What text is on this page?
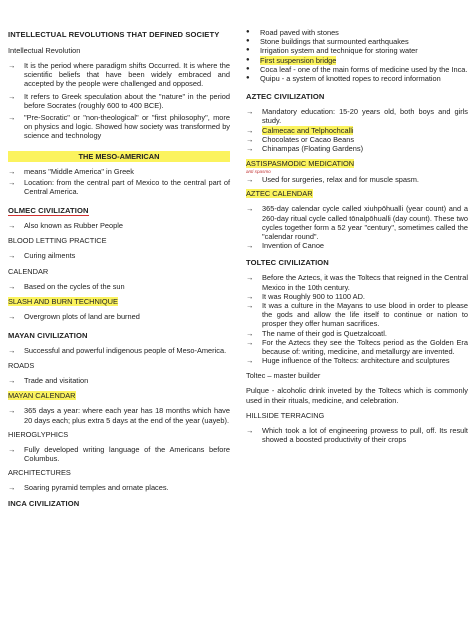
INTELLECTUAL REVOLUTIONS THAT DEFINED SOCIETY
Intellectual Revolution
→	It is the period where paradigm shifts Occurred. It is where the scientific beliefs that have been widely embraced and accepted by the people were challenged and opposed.
→	It refers to Greek speculation about the "nature" in the period before Socrates (roughly 600 to 400 BCE).
→	"Pre-Socratic" or "non-theological" or "first philosophy", more on physics and logic. Showed how society was transformed by science and technology
THE MESO-AMERICAN
→	means "Middle America" in Greek
→	Location: from the central part of Mexico to the central part of Central America.
OLMEC CIVILIZATION
→	Also known as Rubber People
BLOOD LETTING PRACTICE
→	Curing ailments
CALENDAR
→	Based on the cycles of the sun
SLASH AND BURN TECHNIQUE
→	Overgrown plots of land are burned
MAYAN CIVILIZATION
→	Successful and powerful indigenous people of Meso-America.
ROADS
→	Trade and visitation
MAYAN CALENDAR
→	365 days a year: where each year has 18 months which have 20 days each; plus extra 5 days at the end of the year (uayeb).
HIEROGLYPHICS
→	Fully developed writing language of the Americans before Columbus.
ARCHITECTURES
→	Soaring pyramid temples and ornate places.
INCA CIVILIZATION
●	Road paved with stones
●	Stone buildings that surmounted earthquakes
●	Irrigation system and technique for storing water
●	First suspension bridge
●	Coca leaf - one of the main forms of medicine used by the Inca.
●	Quipu - a system of knotted ropes to record information
AZTEC CIVILIZATION
→	Mandatory education: 15-20 years old, both boys and girls study.
→	Calmecac and Telphochcalli
→	Chocolates or Cacao Beans
→	Chinampas (Floating Gardens)
ASTISPASMODIC MEDICATION
anti spasmo
→	Used for surgeries, relax and for muscle spasm.
AZTEC CALENDAR
→	365-day calendar cycle called xiuhpōhualli (year count) and a 260-day ritual cycle called tōnalpōhualli (day count). These two cycles together form a 52 year "century", sometimes called the "calendar round".
→	Invention of Canoe
TOLTEC CIVILIZATION
→	Before the Aztecs, it was the Toltecs that reigned in the Central Mexico in the 10th century.
→	It was Roughly 900 to 1100 AD.
→	It was a culture in the Mayans to use blood in order to please the gods and allow the life itself to continue or nation to prosper they offer human sacrifices.
→	The name of their god is Quetzalcoatl.
→	For the Aztecs they see the Toltecs period as the Golden Era because of: writing, medicine, and metallurgy are invented.
→	Huge influence of the Toltecs: architecture and sculptures
Toltec – master builder
Pulque - alcoholic drink inveted by the Toltecs which is commonly used in their rituals, medicine, and celebration.
HILLSIDE TERRACING
→	Which took a lot of engineering prowess to pull, off. Its result showed a boosted productivity of their crops
